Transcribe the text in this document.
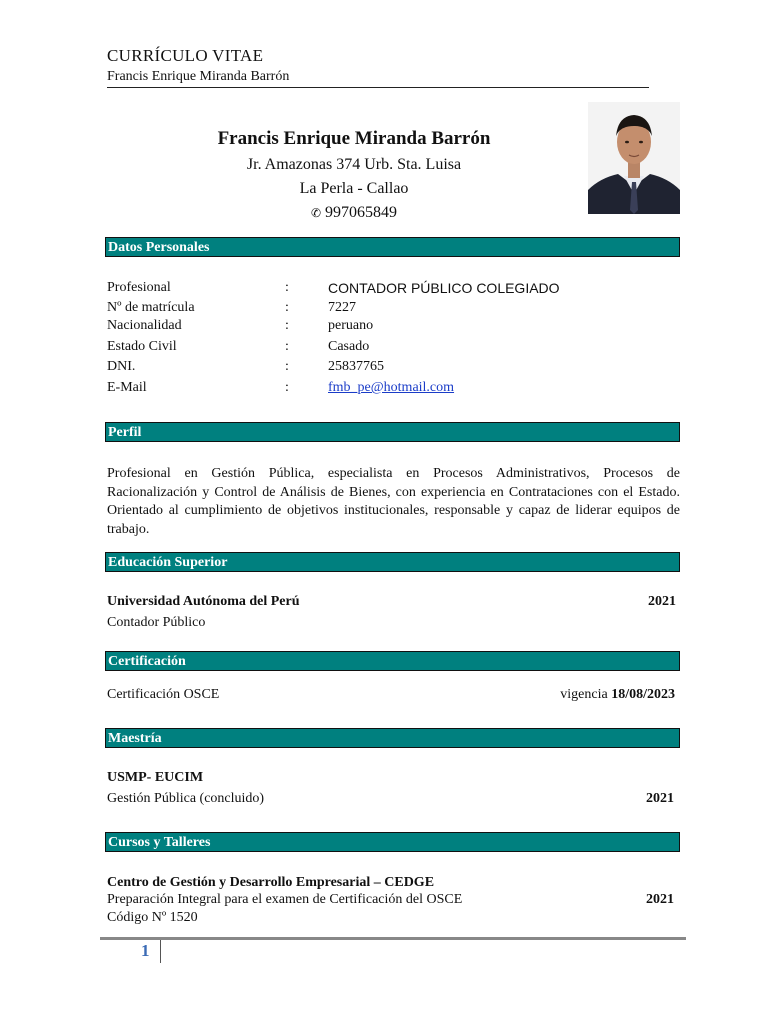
CURRÍCULO VITAE
Francis Enrique Miranda Barrón
Francis Enrique Miranda Barrón
Jr. Amazonas 374 Urb. Sta. Luisa
La Perla - Callao
✆ 997065849
Datos Personales
Profesional	:	CONTADOR PÚBLICO COLEGIADO
Nº de matrícula	:	7227
Nacionalidad	:	peruano
Estado Civil	:	Casado
DNI.	:	25837765
E-Mail	:	fmb_pe@hotmail.com
Perfil
Profesional en Gestión Pública, especialista en Procesos Administrativos, Procesos de Racionalización y Control de Análisis de Bienes, con experiencia en Contrataciones con el Estado. Orientado al cumplimiento de objetivos institucionales, responsable y capaz de liderar equipos de trabajo.
Educación Superior
Universidad Autónoma del Perú	2021
Contador Público
Certificación
Certificación OSCE	vigencia 18/08/2023
Maestría
USMP- EUCIM
Gestión Pública (concluido)	2021
Cursos y Talleres
Centro de Gestión y Desarrollo Empresarial – CEDGE
Preparación Integral para el examen de Certificación del OSCE	2021
Código Nº 1520
1
